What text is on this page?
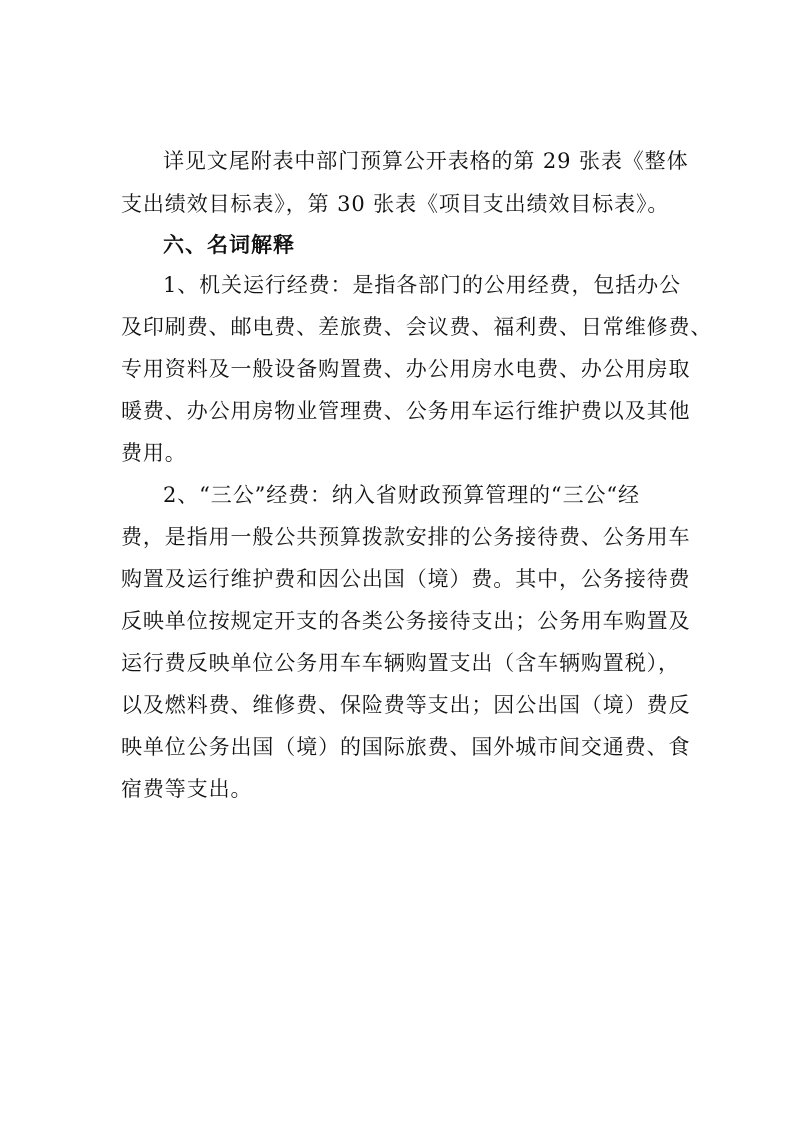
详见文尾附表中部门预算公开表格的第 29 张表《整体
支出绩效目标表》，第 30 张表《项目支出绩效目标表》。
六、名词解释
1、机关运行经费：是指各部门的公用经费，包括办公
及印刷费、邮电费、差旅费、会议费、福利费、日常维修费、
专用资料及一般设备购置费、办公用房水电费、办公用房取
暖费、办公用房物业管理费、公务用车运行维护费以及其他
费用。
2、“三公”经费：纳入省财政预算管理的“三公“经
费，是指用一般公共预算拨款安排的公务接待费、公务用车
购置及运行维护费和因公出国（境）费。其中，公务接待费
反映单位按规定开支的各类公务接待支出；公务用车购置及
运行费反映单位公务用车车辆购置支出（含车辆购置税），
以及燃料费、维修费、保险费等支出；因公出国（境）费反
映单位公务出国（境）的国际旅费、国外城市间交通费、食
宿费等支出。
